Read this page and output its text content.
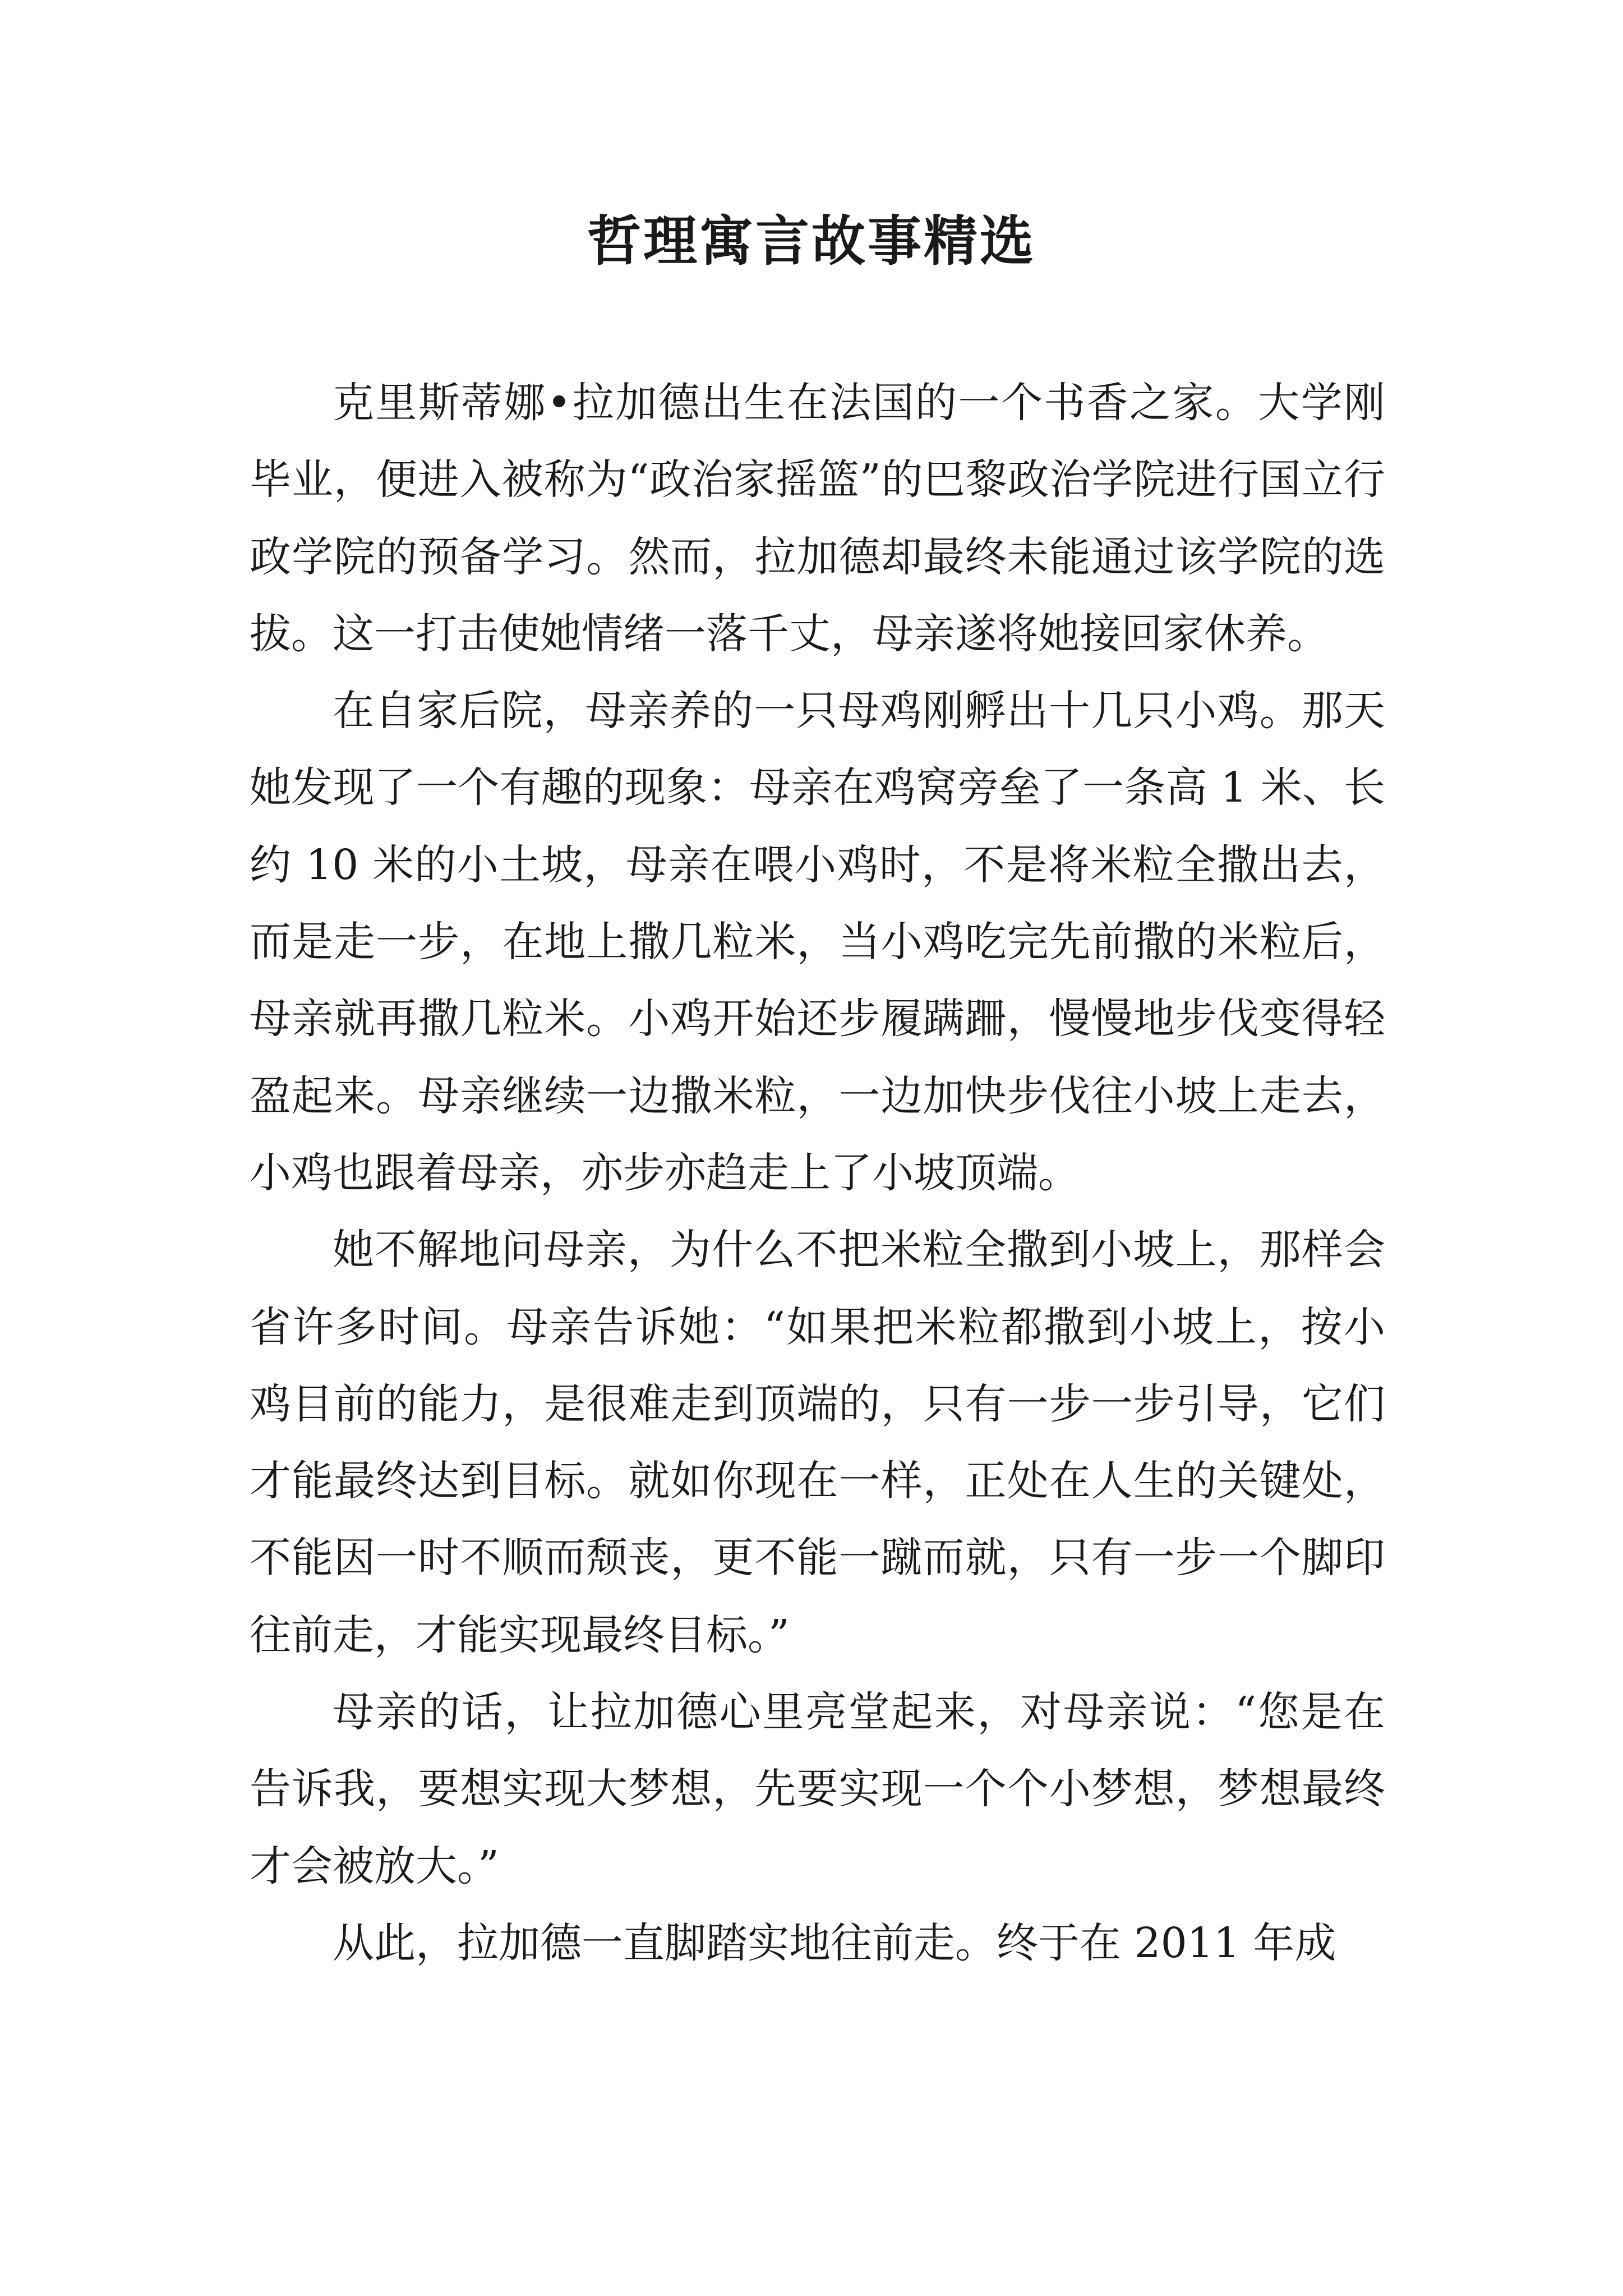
哲理寓言故事精选

克里斯蒂娜•拉加德出生在法国的一个书香之家。大学刚毕业，便进入被称为“政治家摇篮”的巴黎政治学院进行国立行政学院的预备学习。然而，拉加德却最终未能通过该学院的选拔。这一打击使她情绪一落千丈，母亲遂将她接回家休养。

在自家后院，母亲养的一只母鸡刚孵出十几只小鸡。那天她发现了一个有趣的现象：母亲在鸡窝旁垒了一条高 1 米、长约 10 米的小土坡，母亲在喂小鸡时，不是将米粒全撒出去，而是走一步，在地上撒几粒米，当小鸡吃完先前撒的米粒后，母亲就再撒几粒米。小鸡开始还步履蹒跚，慢慢地步伐变得轻盈起来。母亲继续一边撒米粒，一边加快步伐往小坡上走去，小鸡也跟着母亲，亦步亦趋走上了小坡顶端。

她不解地问母亲，为什么不把米粒全撒到小坡上，那样会省许多时间。母亲告诉她：“如果把米粒都撒到小坡上，按小鸡目前的能力，是很难走到顶端的，只有一步一步引导，它们才能最终达到目标。就如你现在一样，正处在人生的关键处，不能因一时不顺而颓丧，更不能一蹴而就，只有一步一个脚印往前走，才能实现最终目标。”

母亲的话，让拉加德心里亮堂起来，对母亲说：“您是在告诉我，要想实现大梦想，先要实现一个个小梦想，梦想最终才会被放大。”

从此，拉加德一直脚踏实地往前走。终于在 2011 年成
